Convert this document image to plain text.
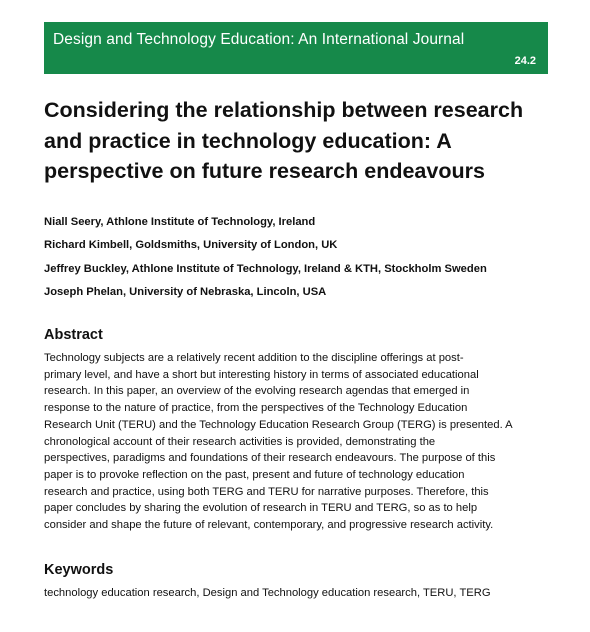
Design and Technology Education: An International Journal
24.2
Considering the relationship between research
and practice in technology education: A
perspective on future research endeavours
Niall Seery, Athlone Institute of Technology, Ireland
Richard Kimbell, Goldsmiths, University of London, UK
Jeffrey Buckley, Athlone Institute of Technology, Ireland & KTH, Stockholm Sweden
Joseph Phelan, University of Nebraska, Lincoln, USA
Abstract

Technology subjects are a relatively recent addition to the discipline offerings at post-
primary level, and have a short but interesting history in terms of associated educational
research. In this paper, an overview of the evolving research agendas that emerged in
response to the nature of practice, from the perspectives of the Technology Education
Research Unit (TERU) and the Technology Education Research Group (TERG) is presented. A
chronological account of their research activities is provided, demonstrating the
perspectives, paradigms and foundations of their research endeavours. The purpose of this
paper is to provoke reflection on the past, present and future of technology education
research and practice, using both TERG and TERU for narrative purposes. Therefore, this
paper concludes by sharing the evolution of research in TERU and TERG, so as to help
consider and shape the future of relevant, contemporary, and progressive research activity.

Keywords

technology education research, Design and Technology education research, TERU, TERG
